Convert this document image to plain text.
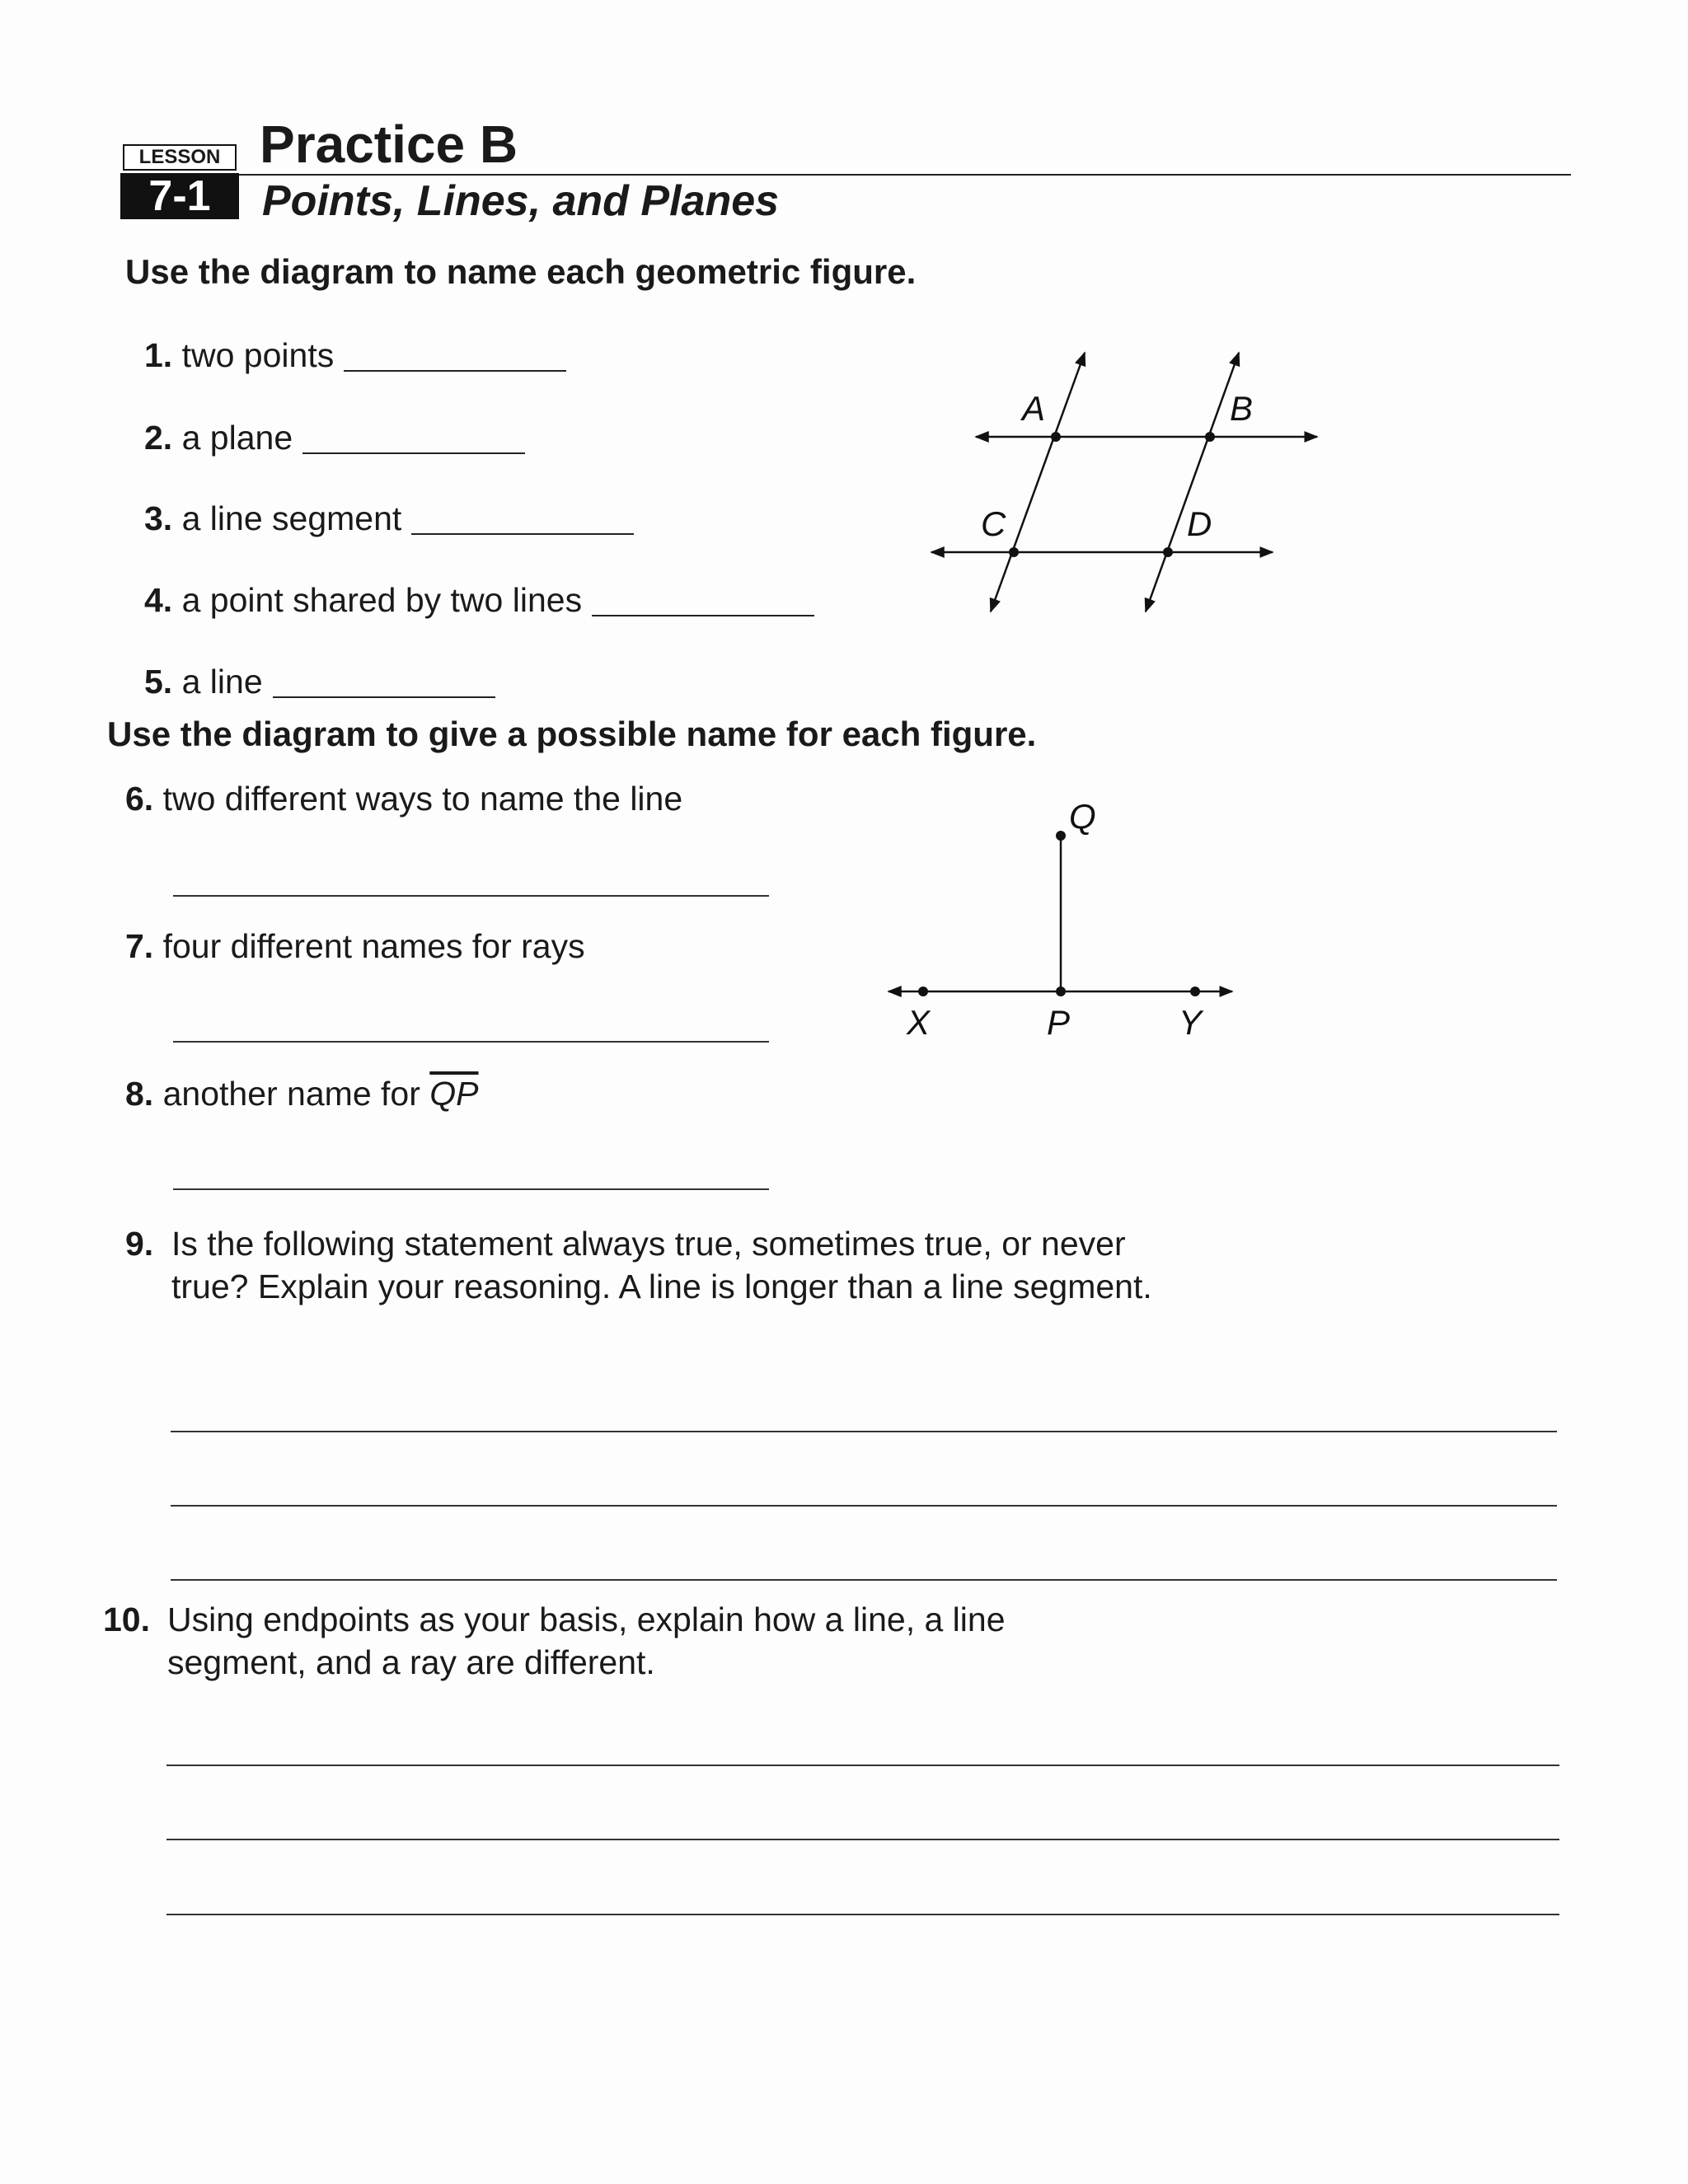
LESSON
7-1
Practice B
Points, Lines, and Planes
Use the diagram to name each geometric figure.
1. two points
2. a plane
3. a line segment
4. a point shared by two lines
5. a line
A	B
C	D
Use the diagram to give a possible name for each figure.
6. two different ways to name the line
7. four different names for rays
8. another name for $\overline{QP}$
Q
X	P	Y
9. Is the following statement always true, sometimes true, or never true? Explain your reasoning. A line is longer than a line segment.
10. Using endpoints as your basis, explain how a line, a line segment, and a ray are different.
